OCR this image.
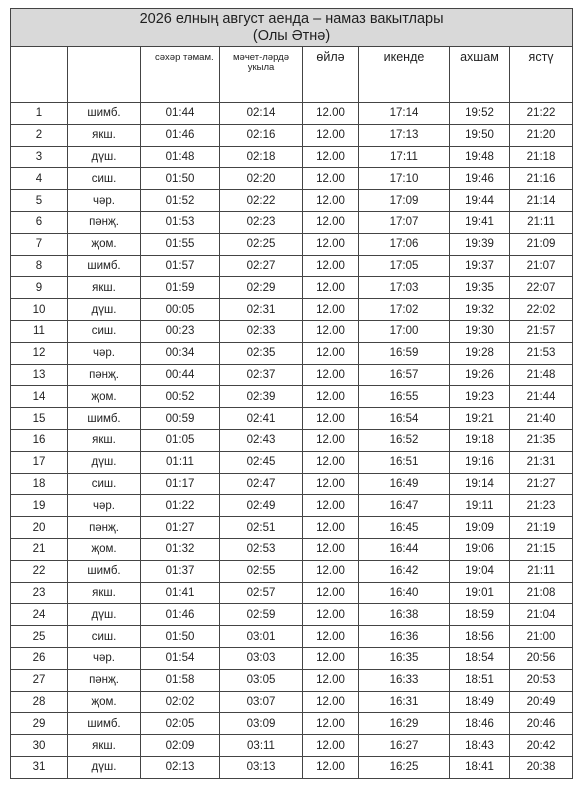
2026 елның август аенда – намаз вакытлары
(Олы Әтнә)							

		сәхәр тәмам.	мәчет-ләрдә укыла	өйлә	икенде	ахшам	ястү
1	шимб.	01:44	02:14	12.00	17:14	19:52	21:22
2	якш.	01:46	02:16	12.00	17:13	19:50	21:20
3	дүш.	01:48	02:18	12.00	17:11	19:48	21:18
4	сиш.	01:50	02:20	12.00	17:10	19:46	21:16
5	чәр.	01:52	02:22	12.00	17:09	19:44	21:14
6	пәнҗ.	01:53	02:23	12.00	17:07	19:41	21:11
7	җом.	01:55	02:25	12.00	17:06	19:39	21:09
8	шимб.	01:57	02:27	12.00	17:05	19:37	21:07
9	якш.	01:59	02:29	12.00	17:03	19:35	22:07
10	дүш.	00:05	02:31	12.00	17:02	19:32	22:02
11	сиш.	00:23	02:33	12.00	17:00	19:30	21:57
12	чәр.	00:34	02:35	12.00	16:59	19:28	21:53
13	пәнҗ.	00:44	02:37	12.00	16:57	19:26	21:48
14	җом.	00:52	02:39	12.00	16:55	19:23	21:44
15	шимб.	00:59	02:41	12.00	16:54	19:21	21:40
16	якш.	01:05	02:43	12.00	16:52	19:18	21:35
17	дүш.	01:11	02:45	12.00	16:51	19:16	21:31
18	сиш.	01:17	02:47	12.00	16:49	19:14	21:27
19	чәр.	01:22	02:49	12.00	16:47	19:11	21:23
20	пәнҗ.	01:27	02:51	12.00	16:45	19:09	21:19
21	җом.	01:32	02:53	12.00	16:44	19:06	21:15
22	шимб.	01:37	02:55	12.00	16:42	19:04	21:11
23	якш.	01:41	02:57	12.00	16:40	19:01	21:08
24	дүш.	01:46	02:59	12.00	16:38	18:59	21:04
25	сиш.	01:50	03:01	12.00	16:36	18:56	21:00
26	чәр.	01:54	03:03	12.00	16:35	18:54	20:56
27	пәнҗ.	01:58	03:05	12.00	16:33	18:51	20:53
28	җом.	02:02	03:07	12.00	16:31	18:49	20:49
29	шимб.	02:05	03:09	12.00	16:29	18:46	20:46
30	якш.	02:09	03:11	12.00	16:27	18:43	20:42
31	дүш.	02:13	03:13	12.00	16:25	18:41	20:38
